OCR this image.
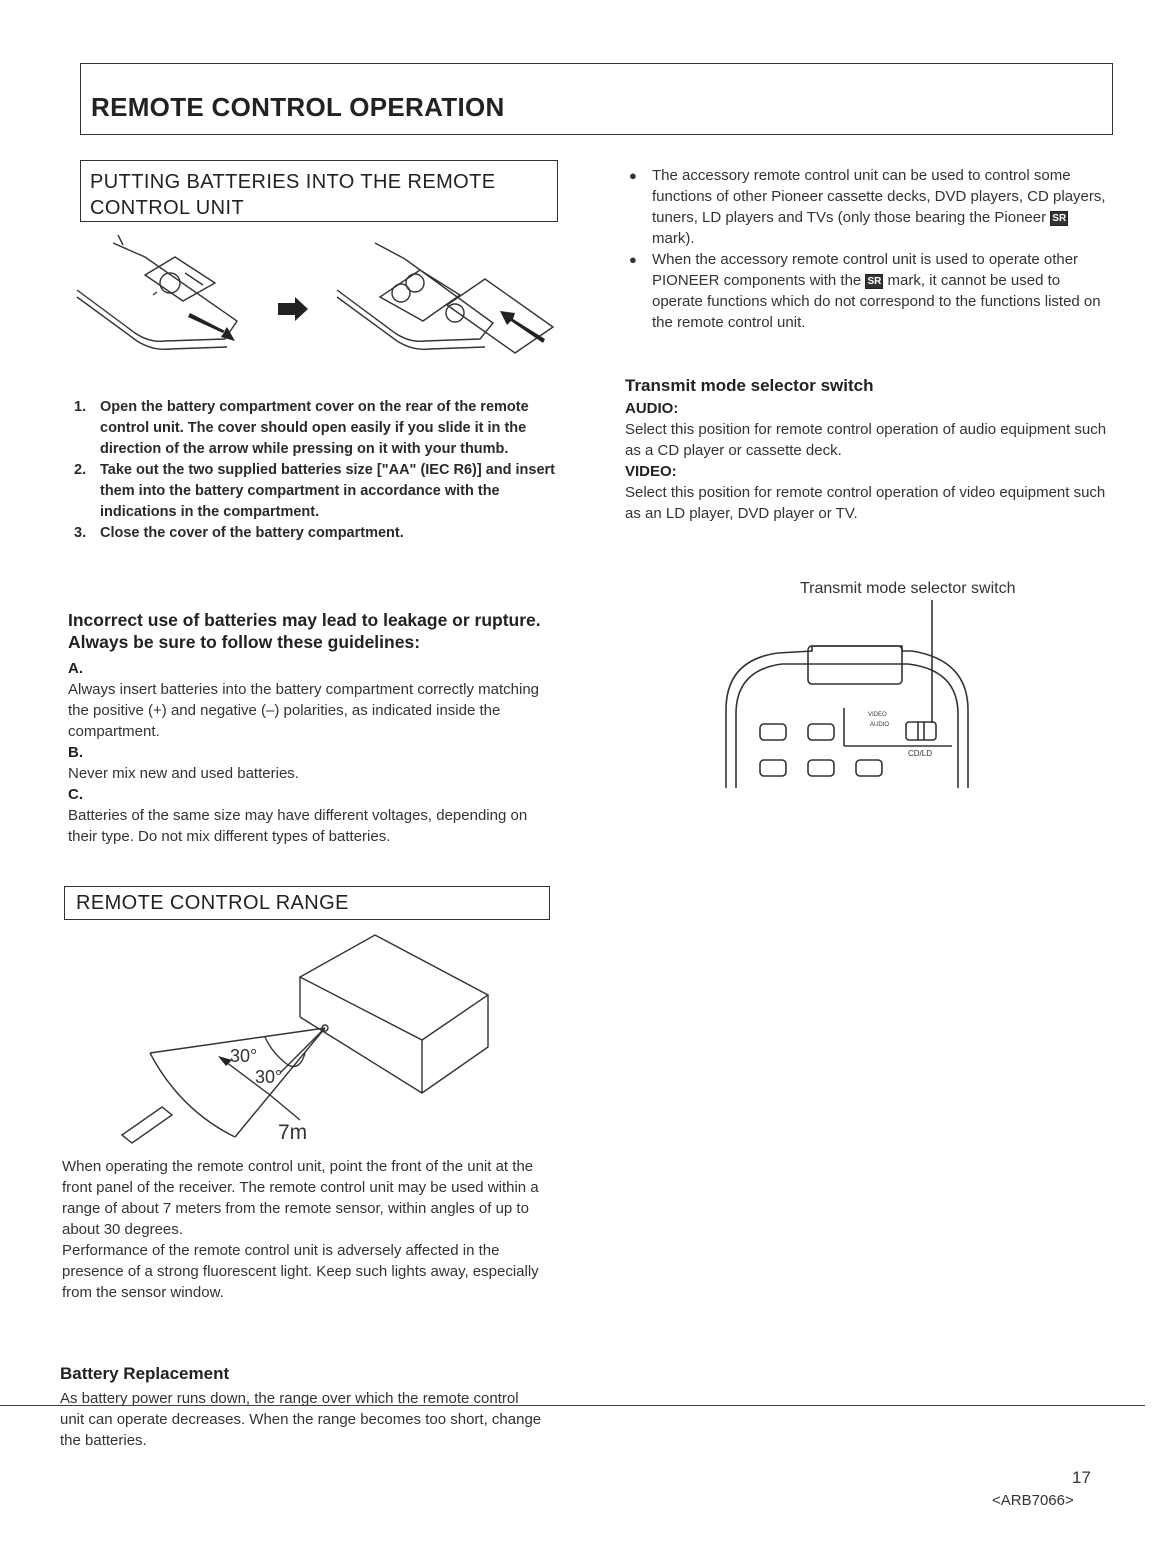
REMOTE CONTROL OPERATION
PUTTING BATTERIES INTO THE REMOTE
CONTROL UNIT
1. Open the battery compartment cover on the rear of the remote control unit. The cover should open easily if you slide it in the direction of the arrow while pressing on it with your thumb.
2. Take out the two supplied batteries size ["AA" (IEC R6)] and insert them into the battery compartment in accordance with the indications in the compartment.
3. Close the cover of the battery compartment.
Incorrect use of batteries may lead to leakage or rupture. Always be sure to follow these guidelines:
A.
Always insert batteries into the battery compartment correctly matching the positive (+) and negative (–) polarities, as indicated inside the compartment.
B.
Never mix new and used batteries.
C.
Batteries of the same size may have different voltages, depending on their type. Do not mix different types of batteries.
REMOTE CONTROL RANGE
30°
30°
7m
When operating the remote control unit, point the front of the unit at the front panel of the receiver. The remote control unit may be used within a range of about 7 meters from the remote sensor, within angles of up to about 30 degrees.
Performance of the remote control unit is adversely affected in the presence of a strong fluorescent light. Keep such lights away, especially from the sensor window.
Battery Replacement
As battery power runs down, the range over which the remote control unit can operate decreases. When the range becomes too short, change the batteries.
● The accessory remote control unit can be used to control some functions of other Pioneer cassette decks, DVD players, CD players, tuners, LD players and TVs (only those bearing the Pioneer SR mark).
● When the accessory remote control unit is used to operate other PIONEER components with the SR mark, it cannot be used to operate functions which do not correspond to the functions listed on the remote control unit.
Transmit mode selector switch
AUDIO:
Select this position for remote control operation of audio equipment such as a CD player or cassette deck.
VIDEO:
Select this position for remote control operation of video equipment such as an LD player, DVD player or TV.
Transmit mode selector switch
VIDEO
AUDIO
CD/LD
17
<ARB7066>
